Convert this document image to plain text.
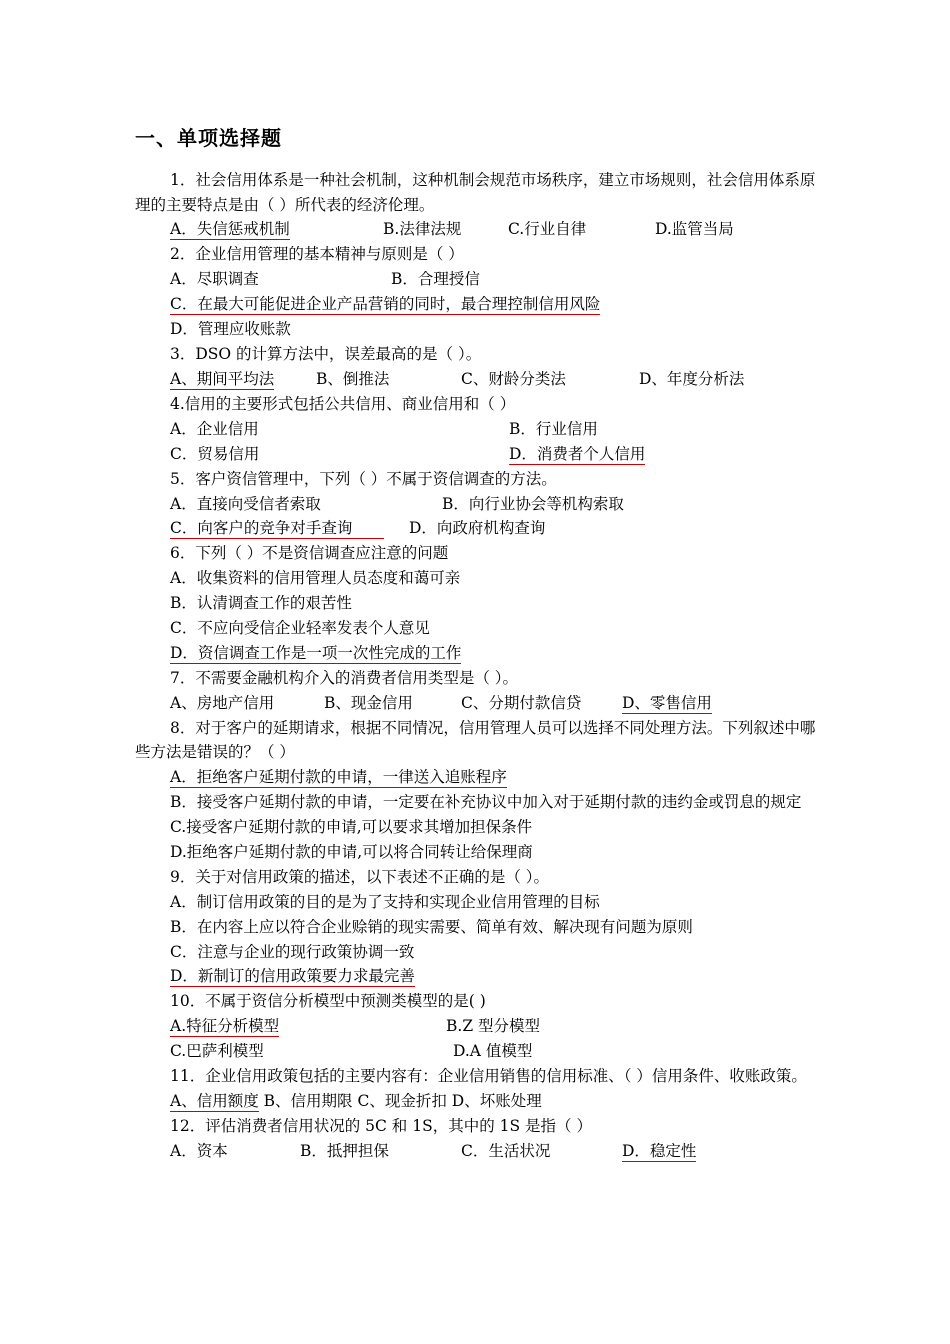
一、单项选择题
1．社会信用体系是一种社会机制，这种机制会规范市场秩序，建立市场规则，社会信用体系原
理的主要特点是由（ ）所代表的经济伦理。
A．失信惩戒机制	B.法律法规	C.行业自律	D.监管当局
2．企业信用管理的基本精神与原则是（ ）
A．尽职调查	B．合理授信
C．在最大可能促进企业产品营销的同时，最合理控制信用风险
D．管理应收账款
3．DSO 的计算方法中，误差最高的是（ ）。
A、期间平均法	B、倒推法	C、财龄分类法	D、年度分析法
4.信用的主要形式包括公共信用、商业信用和（ ）
A．企业信用	B．行业信用
C．贸易信用	D．消费者个人信用
5．客户资信管理中，下列（ ）不属于资信调查的方法。
A．直接向受信者索取	B．向行业协会等机构索取
C．向客户的竞争对手查询	D．向政府机构查询
6．下列（ ）不是资信调查应注意的问题
A．收集资料的信用管理人员态度和蔼可亲
B．认清调查工作的艰苦性
C．不应向受信企业轻率发表个人意见
D．资信调查工作是一项一次性完成的工作
7．不需要金融机构介入的消费者信用类型是（ ）。
A、房地产信用	B、现金信用	C、分期付款信贷	D、零售信用
8．对于客户的延期请求，根据不同情况，信用管理人员可以选择不同处理方法。下列叙述中哪
些方法是错误的？（ ）
A．拒绝客户延期付款的申请，一律送入追账程序
B．接受客户延期付款的申请，一定要在补充协议中加入对于延期付款的违约金或罚息的规定
C.接受客户延期付款的申请,可以要求其增加担保条件
D.拒绝客户延期付款的申请,可以将合同转让给保理商
9．关于对信用政策的描述，以下表述不正确的是（ ）。
A．制订信用政策的目的是为了支持和实现企业信用管理的目标
B．在内容上应以符合企业赊销的现实需要、简单有效、解决现有问题为原则
C．注意与企业的现行政策协调一致
D．新制订的信用政策要力求最完善
10．不属于资信分析模型中预测类模型的是( )
A.特征分析模型	B.Z 型分模型
C.巴萨利模型	D.A 值模型
11．企业信用政策包括的主要内容有：企业信用销售的信用标准、（ ）信用条件、收账政策。
A、信用额度 B、信用期限 C、现金折扣 D、坏账处理
12．评估消费者信用状况的 5C 和 1S，其中的 1S 是指（ ）
A．资本	B．抵押担保	C．生活状况	D．稳定性
